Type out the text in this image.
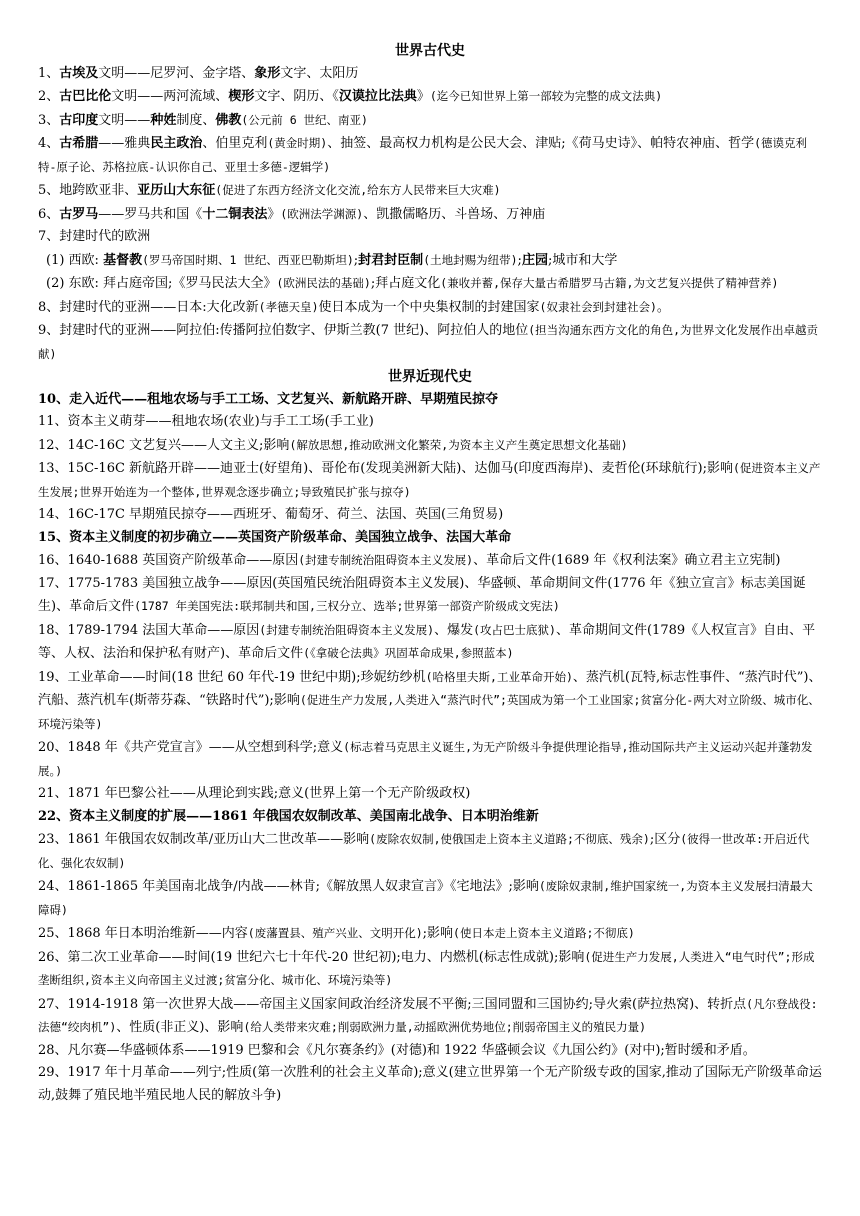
世界古代史
1、古埃及文明——尼罗河、金字塔、象形文字、太阳历
2、古巴比伦文明——两河流域、楔形文字、阴历、《汉谟拉比法典》(迄今已知世界上第一部较为完整的成文法典)
3、古印度文明——种姓制度、佛教(公元前 6 世纪、南亚)
4、古希腊——雅典民主政治、伯里克利(黄金时期)、抽签、最高权力机构是公民大会、津贴;《荷马史诗》、帕特农神庙、哲学(德谟克利特-原子论、苏格拉底-认识你自己、亚里士多德-逻辑学)
5、地跨欧亚非、亚历山大东征(促进了东西方经济文化交流,给东方人民带来巨大灾难)
6、古罗马——罗马共和国《十二铜表法》(欧洲法学渊源)、凯撒儒略历、斗兽场、万神庙
7、封建时代的欧洲
(1) 西欧: 基督教(罗马帝国时期、1 世纪、西亚巴勒斯坦);封君封臣制(土地封赐为纽带);庄园;城市和大学
(2) 东欧: 拜占庭帝国;《罗马民法大全》(欧洲民法的基础);拜占庭文化(兼收并蓄,保存大量古希腊罗马古籍,为文艺复兴提供了精神营养)
8、封建时代的亚洲——日本:大化改新(孝德天皇)使日本成为一个中央集权制的封建国家(奴隶社会到封建社会)。
9、封建时代的亚洲——阿拉伯:传播阿拉伯数字、伊斯兰教(7 世纪)、阿拉伯人的地位(担当沟通东西方文化的角色,为世界文化发展作出卓越贡献)
世界近现代史
10、走入近代——租地农场与手工工场、文艺复兴、新航路开辟、早期殖民掠夺
11、资本主义萌芽——租地农场(农业)与手工工场(手工业)
12、14C-16C 文艺复兴——人文主义;影响(解放思想,推动欧洲文化繁荣,为资本主义产生奠定思想文化基础)
13、15C-16C 新航路开辟——迪亚士(好望角)、哥伦布(发现美洲新大陆)、达伽马(印度西海岸)、麦哲伦(环球航行);影响(促进资本主义产生发展;世界开始连为一个整体,世界观念逐步确立;导致殖民扩张与掠夺)
14、16C-17C 早期殖民掠夺——西班牙、葡萄牙、荷兰、法国、英国(三角贸易)
15、资本主义制度的初步确立——英国资产阶级革命、美国独立战争、法国大革命
16、1640-1688 英国资产阶级革命——原因(封建专制统治阻碍资本主义发展)、革命后文件(1689 年《权利法案》确立君主立宪制)
17、1775-1783 美国独立战争——原因(英国殖民统治阻碍资本主义发展)、华盛顿、革命期间文件(1776 年《独立宣言》标志美国诞生)、革命后文件(1787 年美国宪法:联邦制共和国,三权分立、选举;世界第一部资产阶级成文宪法)
18、1789-1794 法国大革命——原因(封建专制统治阻碍资本主义发展)、爆发(攻占巴士底狱)、革命期间文件(1789《人权宣言》自由、平等、人权、法治和保护私有财产)、革命后文件(《拿破仑法典》巩固革命成果,参照蓝本)
19、工业革命——时间(18 世纪 60 年代-19 世纪中期);珍妮纺纱机(哈格里夫斯,工业革命开始)、蒸汽机(瓦特,标志性事件、“蒸汽时代”)、汽船、蒸汽机车(斯蒂芬森、“铁路时代”);影响(促进生产力发展,人类进入“蒸汽时代”;英国成为第一个工业国家;贫富分化-两大对立阶级、城市化、环境污染等)
20、1848 年《共产党宣言》——从空想到科学;意义(标志着马克思主义诞生,为无产阶级斗争提供理论指导,推动国际共产主义运动兴起并蓬勃发展。)
21、1871 年巴黎公社——从理论到实践;意义(世界上第一个无产阶级政权)
22、资本主义制度的扩展——1861 年俄国农奴制改革、美国南北战争、日本明治维新
23、1861 年俄国农奴制改革/亚历山大二世改革——影响(废除农奴制,使俄国走上资本主义道路;不彻底、残余);区分(彼得一世改革:开启近代化、强化农奴制)
24、1861-1865 年美国南北战争/内战——林肯;《解放黑人奴隶宣言》《宅地法》;影响(废除奴隶制,维护国家统一,为资本主义发展扫清最大障碍)
25、1868 年日本明治维新——内容(废藩置县、殖产兴业、文明开化);影响(使日本走上资本主义道路;不彻底)
26、第二次工业革命——时间(19 世纪六七十年代-20 世纪初);电力、内燃机(标志性成就);影响(促进生产力发展,人类进入“电气时代”;形成垄断组织,资本主义向帝国主义过渡;贫富分化、城市化、环境污染等)
27、1914-1918 第一次世界大战——帝国主义国家间政治经济发展不平衡;三国同盟和三国协约;导火索(萨拉热窝)、转折点(凡尔登战役:法德“绞肉机”)、性质(非正义)、影响(给人类带来灾难;削弱欧洲力量,动摇欧洲优势地位;削弱帝国主义的殖民力量)
28、凡尔赛—华盛顿体系——1919 巴黎和会《凡尔赛条约》(对德)和 1922 华盛顿会议《九国公约》(对中);暂时缓和矛盾。
29、1917 年十月革命——列宁;性质(第一次胜利的社会主义革命);意义(建立世界第一个无产阶级专政的国家,推动了国际无产阶级革命运动,鼓舞了殖民地半殖民地人民的解放斗争)
